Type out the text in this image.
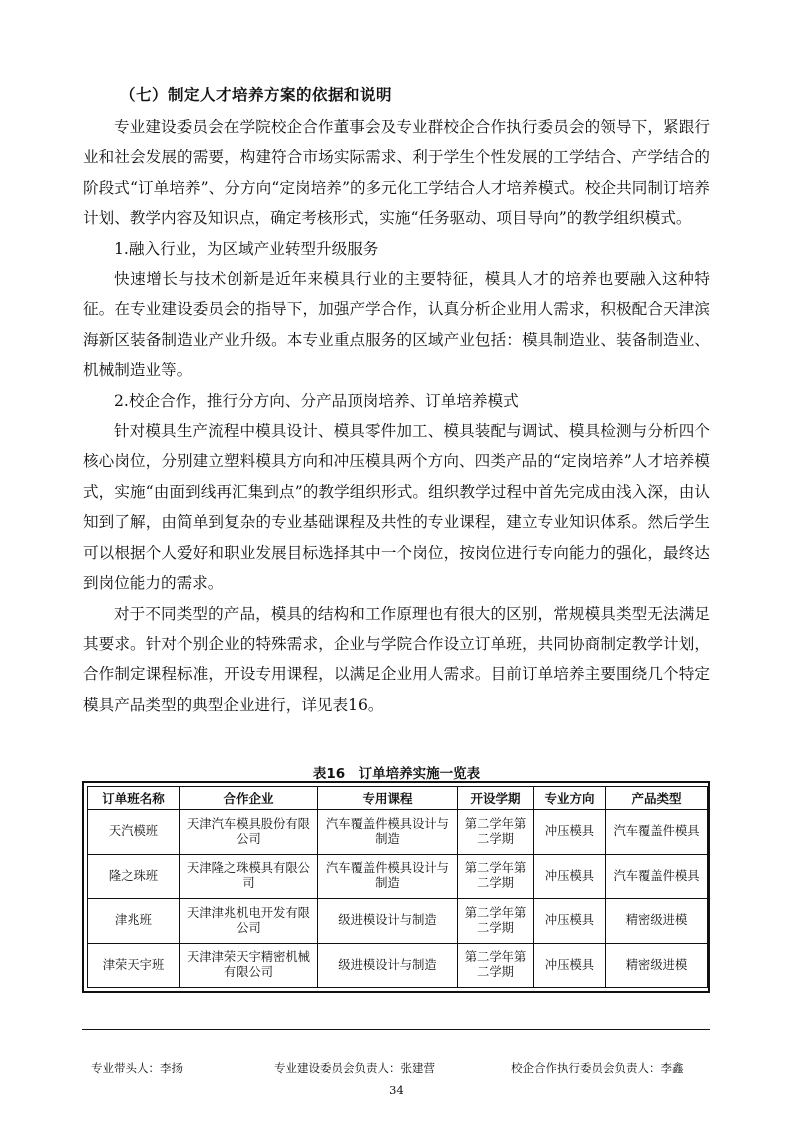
（七）制定人才培养方案的依据和说明

专业建设委员会在学院校企合作董事会及专业群校企合作执行委员会的领导下，紧跟行业和社会发展的需要，构建符合市场实际需求、利于学生个性发展的工学结合、产学结合的阶段式“订单培养”、分方向“定岗培养”的多元化工学结合人才培养模式。校企共同制订培养计划、教学内容及知识点，确定考核形式，实施“任务驱动、项目导向”的教学组织模式。

1.融入行业，为区域产业转型升级服务

快速增长与技术创新是近年来模具行业的主要特征，模具人才的培养也要融入这种特征。在专业建设委员会的指导下，加强产学合作，认真分析企业用人需求，积极配合天津滨海新区装备制造业产业升级。本专业重点服务的区域产业包括：模具制造业、装备制造业、机械制造业等。

2.校企合作，推行分方向、分产品顶岗培养、订单培养模式

针对模具生产流程中模具设计、模具零件加工、模具装配与调试、模具检测与分析四个核心岗位，分别建立塑料模具方向和冲压模具两个方向、四类产品的“定岗培养”人才培养模式，实施“由面到线再汇集到点”的教学组织形式。组织教学过程中首先完成由浅入深，由认知到了解，由简单到复杂的专业基础课程及共性的专业课程，建立专业知识体系。然后学生可以根据个人爱好和职业发展目标选择其中一个岗位，按岗位进行专向能力的强化，最终达到岗位能力的需求。

对于不同类型的产品，模具的结构和工作原理也有很大的区别，常规模具类型无法满足其要求。针对个别企业的特殊需求，企业与学院合作设立订单班，共同协商制定教学计划，合作制定课程标准，开设专用课程，以满足企业用人需求。目前订单培养主要围绕几个特定模具产品类型的典型企业进行，详见表16。

表16　订单培养实施一览表
订单班名称	合作企业	专用课程	开设学期	专业方向	产品类型
天汽模班	天津汽车模具股份有限公司	汽车覆盖件模具设计与制造	第二学年第二学期	冲压模具	汽车覆盖件模具
隆之珠班	天津隆之珠模具有限公司	汽车覆盖件模具设计与制造	第二学年第二学期	冲压模具	汽车覆盖件模具
津兆班	天津津兆机电开发有限公司	级进模设计与制造	第二学年第二学期	冲压模具	精密级进模
津荣天宇班	天津津荣天宇精密机械有限公司	级进模设计与制造	第二学年第二学期	冲压模具	精密级进模
专业带头人：李扬	专业建设委员会负责人：张建营	校企合作执行委员会负责人：李鑫
34
